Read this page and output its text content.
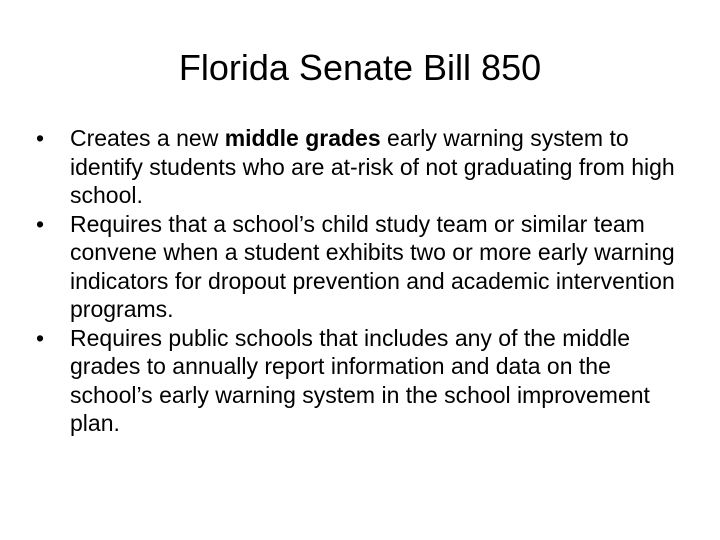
Florida Senate Bill 850
•	Creates a new middle grades early warning system to identify students who are at-risk of not graduating from high school.
•	Requires that a school’s child study team or similar team convene when a student exhibits two or more early warning indicators for dropout prevention and academic intervention programs.
•	Requires public schools that includes any of the middle grades to annually report information and data on the school’s early warning system in the school improvement plan.
